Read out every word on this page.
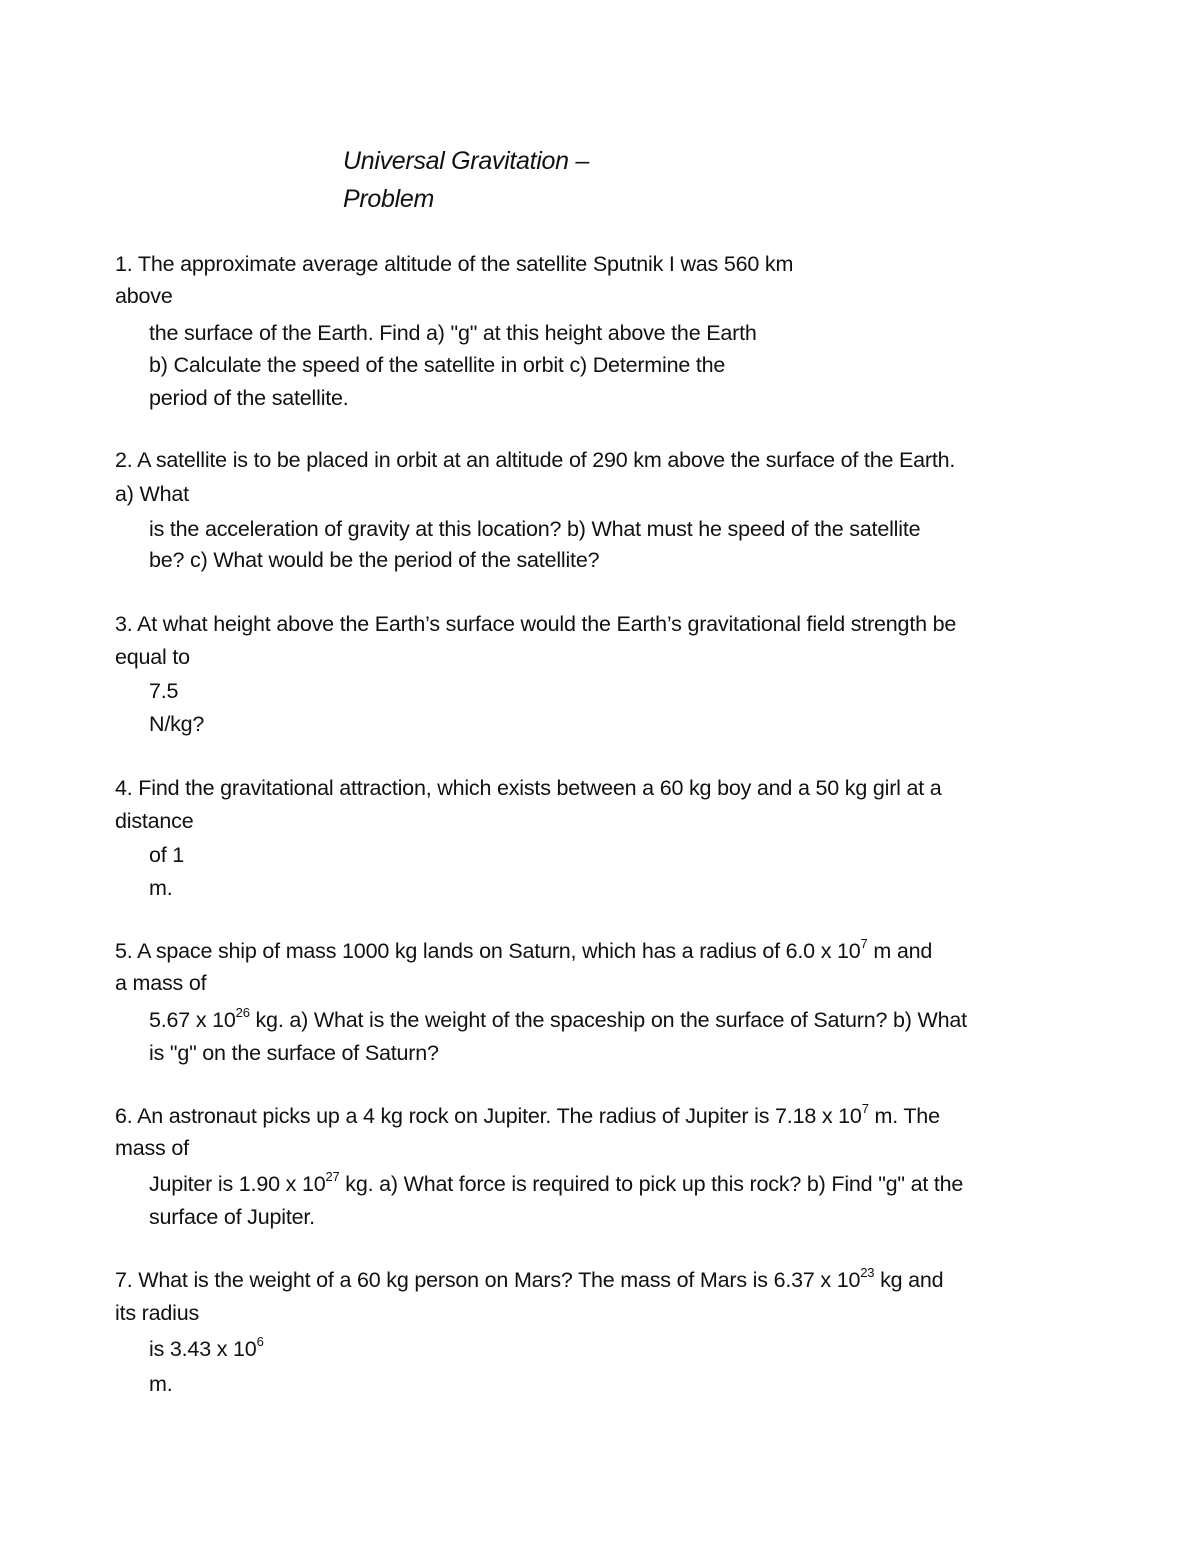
Universal Gravitation –
Problem
1. The approximate average altitude of the satellite Sputnik I was 560 km
above
the surface of the Earth. Find a) "g" at this height above the Earth
b) Calculate the speed of the satellite in orbit c) Determine the
period of the satellite.
2. A satellite is to be placed in orbit at an altitude of 290 km above the surface of the Earth.
a) What
is the acceleration of gravity at this location? b) What must he speed of the satellite
be? c) What would be the period of the satellite?
3. At what height above the Earth’s surface would the Earth’s gravitational field strength be
equal to
7.5
N/kg?
4. Find the gravitational attraction, which exists between a 60 kg boy and a 50 kg girl at a
distance
of 1
m.
5. A space ship of mass 1000 kg lands on Saturn, which has a radius of 6.0 x $10^7$ m and
a mass of
5.67 x $10^{26}$ kg. a) What is the weight of the spaceship on the surface of Saturn? b) What
is "g" on the surface of Saturn?
6. An astronaut picks up a 4 kg rock on Jupiter. The radius of Jupiter is 7.18 x $10^7$ m. The
mass of
Jupiter is 1.90 x $10^{27}$ kg. a) What force is required to pick up this rock? b) Find "g" at the
surface of Jupiter.
7. What is the weight of a 60 kg person on Mars? The mass of Mars is 6.37 x $10^{23}$ kg and
its radius
is 3.43 x $10^6$
m.
